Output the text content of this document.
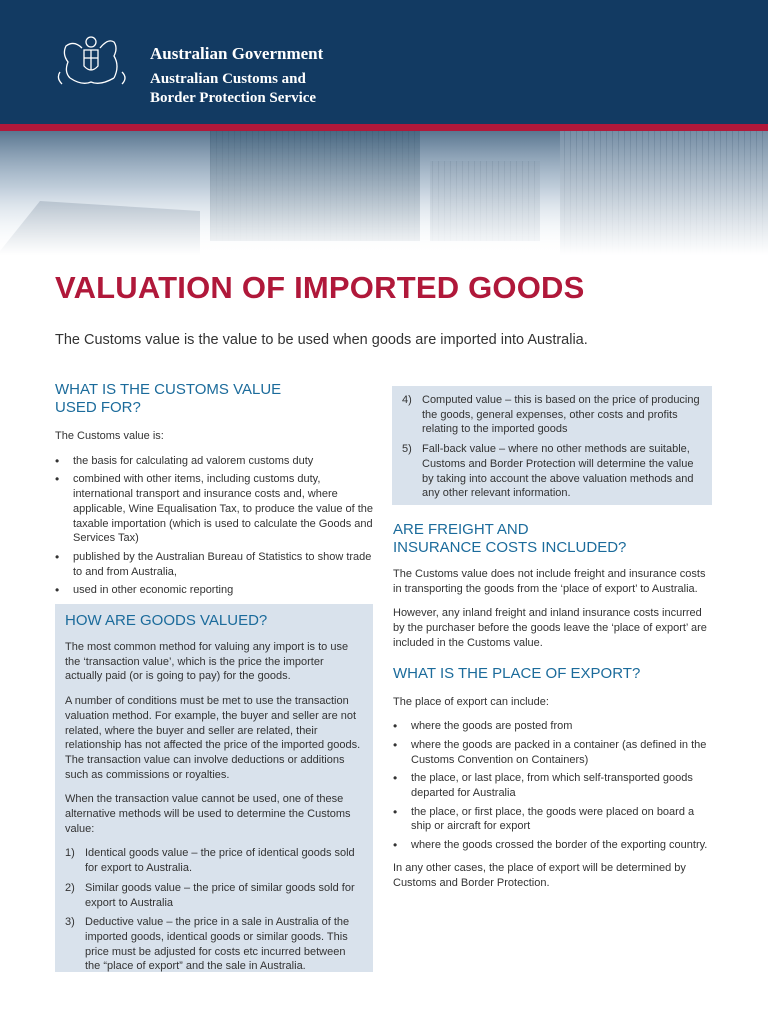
Australian Government
Australian Customs and
Border Protection Service
VALUATION OF IMPORTED GOODS

The Customs value is the value to be used when goods are imported into Australia.

WHAT IS THE CUSTOMS VALUE
USED FOR?

The Customs value is:

• the basis for calculating ad valorem customs duty
• combined with other items, including customs duty, international transport and insurance costs and, where applicable, Wine Equalisation Tax, to produce the value of the taxable importation (which is used to calculate the Goods and Services Tax)
• published by the Australian Bureau of Statistics to show trade to and from Australia,
• used in other economic reporting
HOW ARE GOODS VALUED?

The most common method for valuing any import is to use the ‘transaction value’, which is the price the importer actually paid (or is going to pay) for the goods.

A number of conditions must be met to use the transaction valuation method. For example, the buyer and seller are not related, where the buyer and seller are related, their relationship has not affected the price of the imported goods. The transaction value can involve deductions or additions such as commissions or royalties.

When the transaction value cannot be used, one of these alternative methods will be used to determine the Customs value:

1) Identical goods value – the price of identical goods sold for export to Australia.
2) Similar goods value – the price of similar goods sold for export to Australia
3) Deductive value – the price in a sale in Australia of the imported goods, identical goods or similar goods. This price must be adjusted for costs etc incurred between the “place of export” and the sale in Australia.
4) Computed value – this is based on the price of producing the goods, general expenses, other costs and profits relating to the imported goods
5) Fall-back value – where no other methods are suitable, Customs and Border Protection will determine the value by taking into account the above valuation methods and any other relevant information.
ARE FREIGHT AND
INSURANCE COSTS INCLUDED?

The Customs value does not include freight and insurance costs in transporting the goods from the ‘place of export’ to Australia.

However, any inland freight and inland insurance costs incurred by the purchaser before the goods leave the ‘place of export’ are included in the Customs value.

WHAT IS THE PLACE OF EXPORT?

The place of export can include:

• where the goods are posted from
• where the goods are packed in a container (as defined in the Customs Convention on Containers)
• the place, or last place, from which self-transported goods departed for Australia
• the place, or first place, the goods were placed on board a ship or aircraft for export
• where the goods crossed the border of the exporting country.

In any other cases, the place of export will be determined by Customs and Border Protection.
